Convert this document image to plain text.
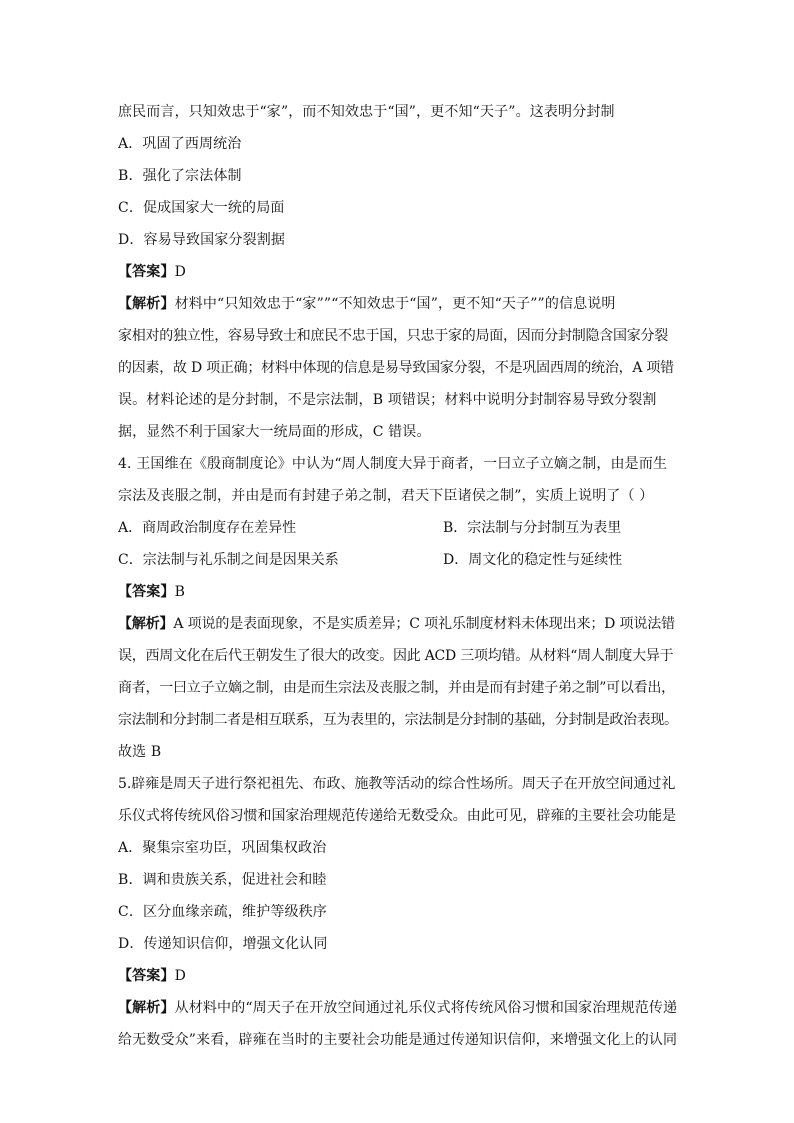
庶民而言，只知效忠于“家”，而不知效忠于“国”，更不知“天子”。这表明分封制
A．巩固了西周统治
B．强化了宗法体制
C．促成国家大一统的局面
D．容易导致国家分裂割据
【答案】D
【解析】材料中“只知效忠于“家””“不知效忠于“国”，更不知“天子””的信息说明
家相对的独立性，容易导致士和庶民不忠于国，只忠于家的局面，因而分封制隐含国家分裂
的因素，故 D 项正确；材料中体现的信息是易导致国家分裂，不是巩固西周的统治，A 项错
误。材料论述的是分封制，不是宗法制，B 项错误；材料中说明分封制容易导致分裂割
据，显然不利于国家大一统局面的形成，C 错误。
4. 王国维在《殷商制度论》中认为“周人制度大异于商者，一曰立子立嫡之制，由是而生
宗法及丧服之制，并由是而有封建子弟之制，君天下臣诸侯之制”，实质上说明了（ ）
A．商周政治制度存在差异性	B．宗法制与分封制互为表里
C．宗法制与礼乐制之间是因果关系	D．周文化的稳定性与延续性
【答案】B
【解析】A 项说的是表面现象，不是实质差异；C 项礼乐制度材料未体现出来；D 项说法错
误，西周文化在后代王朝发生了很大的改变。因此 ACD 三项均错。从材料“周人制度大异于
商者，一曰立子立嫡之制，由是而生宗法及丧服之制，并由是而有封建子弟之制”可以看出，
宗法制和分封制二者是相互联系，互为表里的，宗法制是分封制的基础，分封制是政治表现。
故选 B
5.辟雍是周天子进行祭祀祖先、布政、施教等活动的综合性场所。周天子在开放空间通过礼
乐仪式将传统风俗习惯和国家治理规范传递给无数受众。由此可见，辟雍的主要社会功能是
A．聚集宗室功臣，巩固集权政治
B．调和贵族关系，促进社会和睦
C．区分血缘亲疏，维护等级秩序
D．传递知识信仰，增强文化认同
【答案】D
【解析】从材料中的“周天子在开放空间通过礼乐仪式将传统风俗习惯和国家治理规范传递
给无数受众”来看，辟雍在当时的主要社会功能是通过传递知识信仰，来增强文化上的认同
